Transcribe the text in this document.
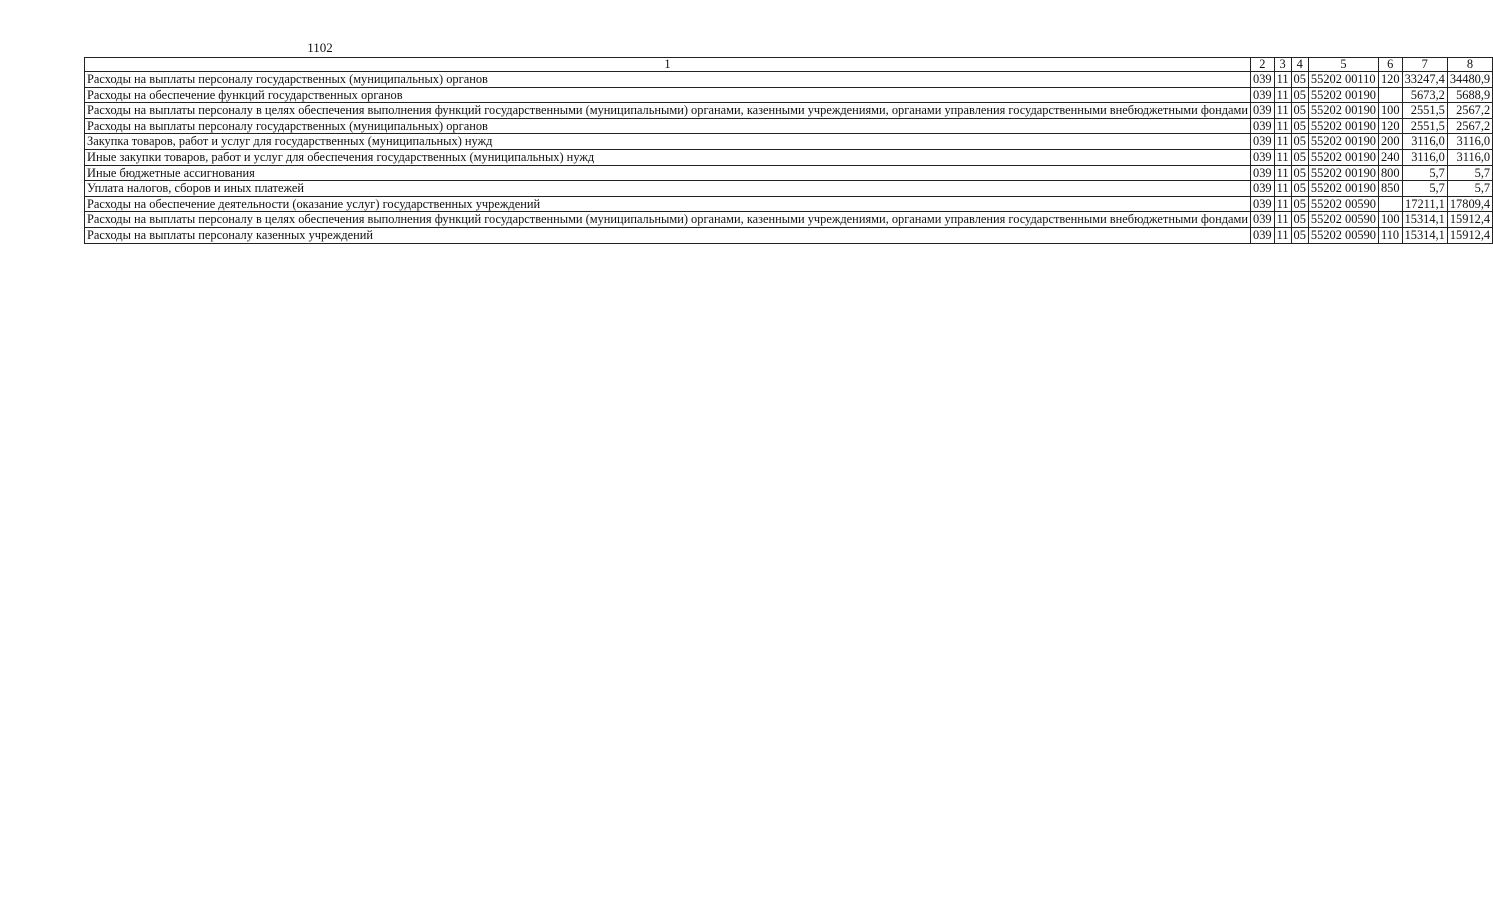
1102
1	2	3	4	5	6	7	8
Расходы на выплаты персоналу государственных (муниципальных) органов	039	11	05	55202 00110	120	33247,4	34480,9
Расходы на обеспечение функций государственных органов	039	11	05	55202 00190		5673,2	5688,9
Расходы на выплаты персоналу в целях обеспечения выполнения функций государственными (муниципальными) органами, казенными учреждениями, органами управления государственными внебюджетными фондами	039	11	05	55202 00190	100	2551,5	2567,2
Расходы на выплаты персоналу государственных (муниципальных) органов	039	11	05	55202 00190	120	2551,5	2567,2
Закупка товаров, работ и услуг для государственных (муниципальных) нужд	039	11	05	55202 00190	200	3116,0	3116,0
Иные закупки товаров, работ и услуг для обеспечения государственных (муниципальных) нужд	039	11	05	55202 00190	240	3116,0	3116,0
Иные бюджетные ассигнования	039	11	05	55202 00190	800	5,7	5,7
Уплата налогов, сборов и иных платежей	039	11	05	55202 00190	850	5,7	5,7
Расходы на обеспечение деятельности (оказание услуг) государственных учреждений	039	11	05	55202 00590		17211,1	17809,4
Расходы на выплаты персоналу в целях обеспечения выполнения функций государственными (муниципальными) органами, казенными учреждениями, органами управления государственными внебюджетными фондами	039	11	05	55202 00590	100	15314,1	15912,4
Расходы на выплаты персоналу казенных учреждений	039	11	05	55202 00590	110	15314,1	15912,4
